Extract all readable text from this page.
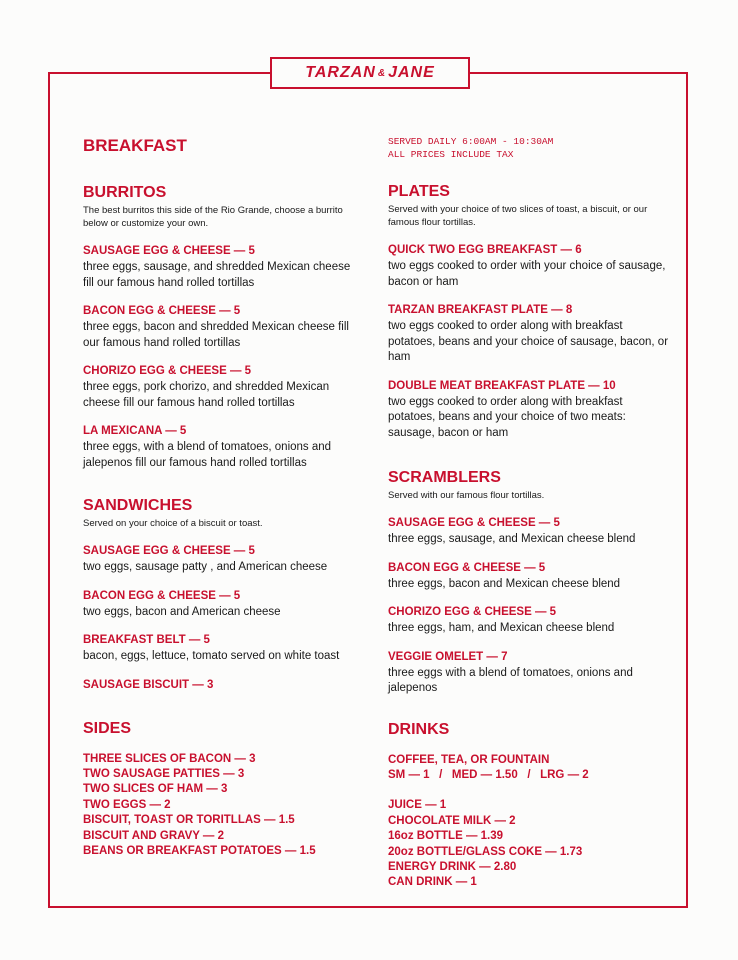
TARZAN & JANE
BREAKFAST
BURRITOS

The best burritos this side of the Rio Grande, choose a burrito below or customize your own.

SAUSAGE EGG & CHEESE — 5

three eggs, sausage, and shredded Mexican cheese fill our famous hand rolled tortillas

BACON EGG & CHEESE — 5

three eggs, bacon and shredded Mexican cheese fill our famous hand rolled tortillas

CHORIZO EGG & CHEESE — 5

three eggs, pork chorizo, and shredded Mexican cheese fill our famous hand rolled tortillas

LA MEXICANA — 5

three eggs, with a blend of tomatoes, onions and jalepenos fill our famous hand rolled tortillas

SANDWICHES

Served on your choice of a biscuit or toast.

SAUSAGE EGG & CHEESE — 5

two eggs, sausage patty , and American cheese

BACON EGG & CHEESE — 5

two eggs, bacon and American cheese

BREAKFAST BELT — 5

bacon, eggs, lettuce, tomato served on white toast

SAUSAGE BISCUIT — 3

SIDES
THREE SLICES OF BACON — 3
TWO SAUSAGE PATTIES — 3
TWO SLICES OF HAM — 3
TWO EGGS — 2
BISCUIT, TOAST OR TORITLLAS — 1.5
BISCUIT AND GRAVY — 2
BEANS OR BREAKFAST POTATOES — 1.5
SERVED DAILY 6:00AM - 10:30AM
ALL PRICES INCLUDE TAX
PLATES

Served with your choice of two slices of toast, a biscuit, or our famous flour tortillas.

QUICK TWO EGG BREAKFAST — 6

two eggs cooked to order with your choice of sausage, bacon or ham

TARZAN BREAKFAST PLATE — 8

two eggs cooked to order along with breakfast potatoes, beans and your choice of sausage, bacon, or ham

DOUBLE MEAT BREAKFAST PLATE — 10

two eggs cooked to order along with breakfast potatoes, beans and your choice of two meats: sausage, bacon or ham

SCRAMBLERS

Served with our famous flour tortillas.

SAUSAGE EGG & CHEESE — 5

three eggs, sausage, and Mexican cheese blend

BACON EGG & CHEESE — 5

three eggs, bacon and Mexican cheese blend

CHORIZO EGG & CHEESE — 5

three eggs, ham, and Mexican cheese blend

VEGGIE OMELET — 7

three eggs with a blend of tomatoes, onions and jalepenos

DRINKS
COFFEE, TEA, OR FOUNTAIN
SM — 1   /   MED — 1.50   /   LRG — 2
JUICE — 1
CHOCOLATE MILK — 2
16oz BOTTLE — 1.39
20oz BOTTLE/GLASS COKE — 1.73
ENERGY DRINK — 2.80
CAN DRINK — 1
